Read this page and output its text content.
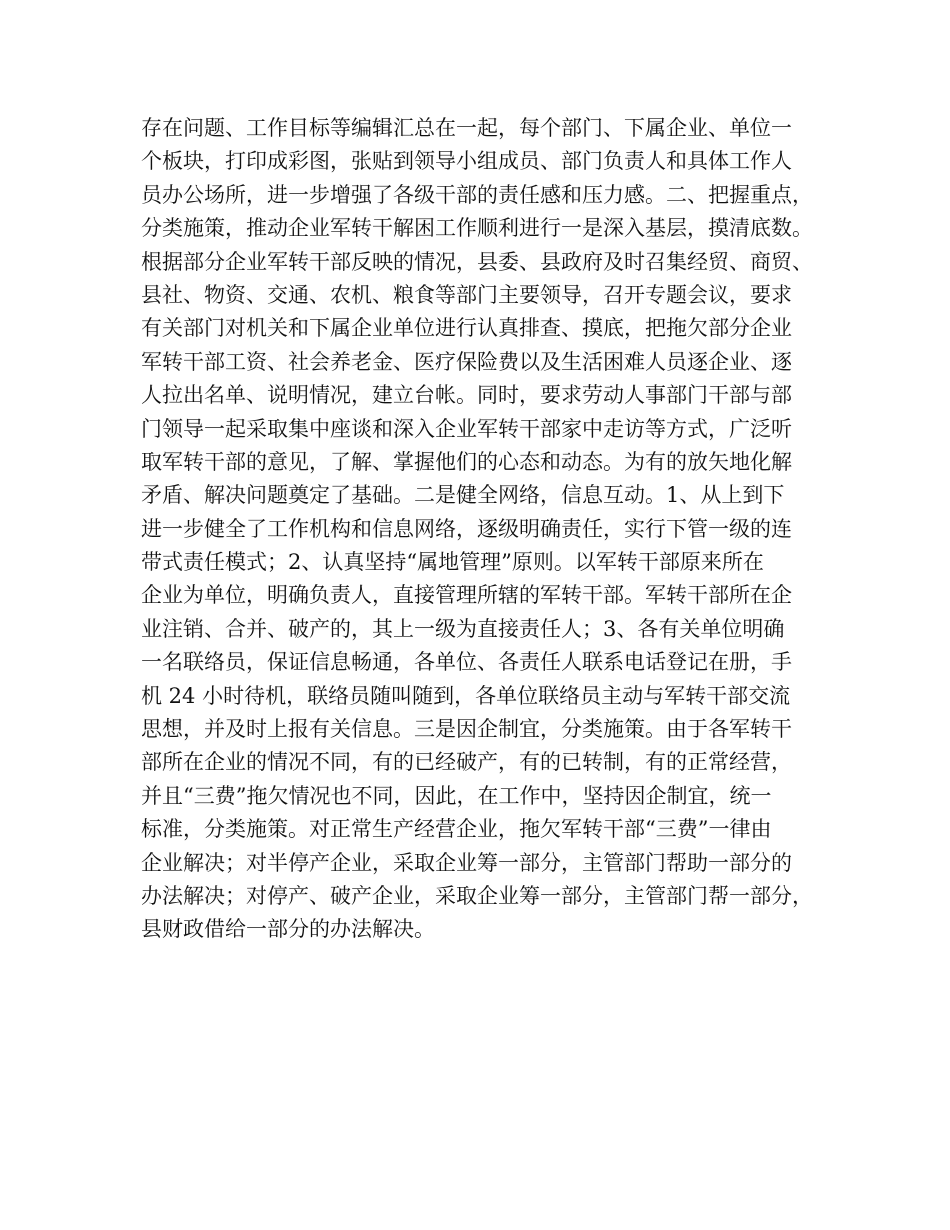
存在问题、工作目标等编辑汇总在一起，每个部门、下属企业、单位一
个板块，打印成彩图，张贴到领导小组成员、部门负责人和具体工作人
员办公场所，进一步增强了各级干部的责任感和压力感。二、把握重点，
分类施策，推动企业军转干解困工作顺利进行一是深入基层，摸清底数。
根据部分企业军转干部反映的情况，县委、县政府及时召集经贸、商贸、
县社、物资、交通、农机、粮食等部门主要领导，召开专题会议，要求
有关部门对机关和下属企业单位进行认真排查、摸底，把拖欠部分企业
军转干部工资、社会养老金、医疗保险费以及生活困难人员逐企业、逐
人拉出名单、说明情况，建立台帐。同时，要求劳动人事部门干部与部
门领导一起采取集中座谈和深入企业军转干部家中走访等方式，广泛听
取军转干部的意见，了解、掌握他们的心态和动态。为有的放矢地化解
矛盾、解决问题奠定了基础。二是健全网络，信息互动。1、从上到下
进一步健全了工作机构和信息网络，逐级明确责任，实行下管一级的连
带式责任模式；2、认真坚持“属地管理”原则。以军转干部原来所在
企业为单位，明确负责人，直接管理所辖的军转干部。军转干部所在企
业注销、合并、破产的，其上一级为直接责任人；3、各有关单位明确
一名联络员，保证信息畅通，各单位、各责任人联系电话登记在册，手
机 24 小时待机，联络员随叫随到，各单位联络员主动与军转干部交流
思想，并及时上报有关信息。三是因企制宜，分类施策。由于各军转干
部所在企业的情况不同，有的已经破产，有的已转制，有的正常经营，
并且“三费”拖欠情况也不同，因此，在工作中，坚持因企制宜，统一
标准，分类施策。对正常生产经营企业，拖欠军转干部“三费”一律由
企业解决；对半停产企业，采取企业筹一部分，主管部门帮助一部分的
办法解决；对停产、破产企业，采取企业筹一部分，主管部门帮一部分，
县财政借给一部分的办法解决。
